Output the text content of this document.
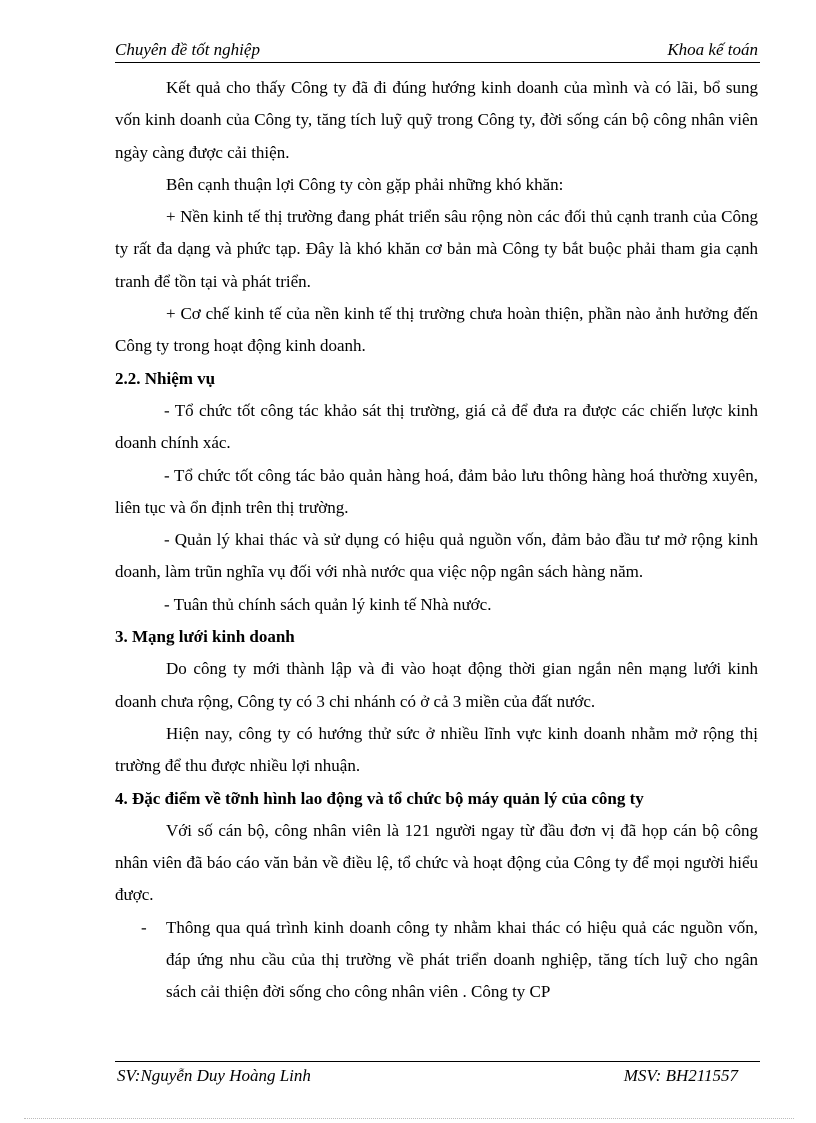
Chuyên đề tốt nghiệp	Khoa kế toán

Kết quả cho thấy Công ty đã đi đúng hướng kinh doanh của mình và có lãi, bổ sung vốn kinh doanh của Công ty, tăng tích luỹ quỹ trong Công ty, đời sống cán bộ công nhân viên ngày càng được cải thiện.

Bên cạnh thuận lợi Công ty còn gặp phải những khó khăn:

+ Nền kinh tế thị trường đang phát triển sâu rộng nòn các đối thủ cạnh tranh của Công ty rất đa dạng và phức tạp. Đây là khó khăn cơ bản mà Công ty bắt buộc phải tham gia cạnh tranh để tồn tại và phát triển.

+ Cơ chế kinh tế của nền kinh tế thị trường chưa hoàn thiện, phần nào ảnh hưởng đến Công ty trong hoạt động kinh doanh.

2.2. Nhiệm vụ

- Tổ chức tốt công tác khảo sát thị trường, giá cả để đưa ra được các chiến lược kinh doanh chính xác.

- Tổ chức tốt công tác bảo quản hàng hoá, đảm bảo lưu thông hàng hoá thường xuyên, liên tục và ổn định trên thị trường.

- Quản lý khai thác và sử dụng có hiệu quả nguồn vốn, đảm bảo đầu tư mở rộng kinh doanh, làm trũn nghĩa vụ đối với nhà nước qua việc nộp ngân sách hàng năm.

- Tuân thủ chính sách quản lý kinh tế Nhà nước.

3. Mạng lưới kinh doanh

Do công ty mới thành lập và đi vào hoạt động thời gian ngắn nên mạng lưới kinh doanh chưa rộng, Công ty có 3 chi nhánh có ở cả 3 miền của đất nước.

Hiện nay, công ty có hướng thử sức ở nhiều lĩnh vực kinh doanh nhằm mở rộng thị trường để thu được nhiều lợi nhuận.

4. Đặc điểm về tỡnh hình lao động và tổ chức bộ máy quản lý của công ty

Với số cán bộ, công nhân viên là 121 người ngay từ đầu đơn vị đã họp cán bộ công nhân viên đã báo cáo văn bản về điều lệ, tổ chức và hoạt động của Công ty để mọi người hiểu được.

- Thông qua quá trình kinh doanh công ty nhằm khai thác có hiệu quả các nguồn vốn, đáp ứng nhu cầu của thị trường về phát triển doanh nghiệp, tăng tích luỹ cho ngân sách cải thiện đời sống cho công nhân viên . Công ty CP

SV:Nguyễn Duy Hoàng Linh	MSV: BH211557
